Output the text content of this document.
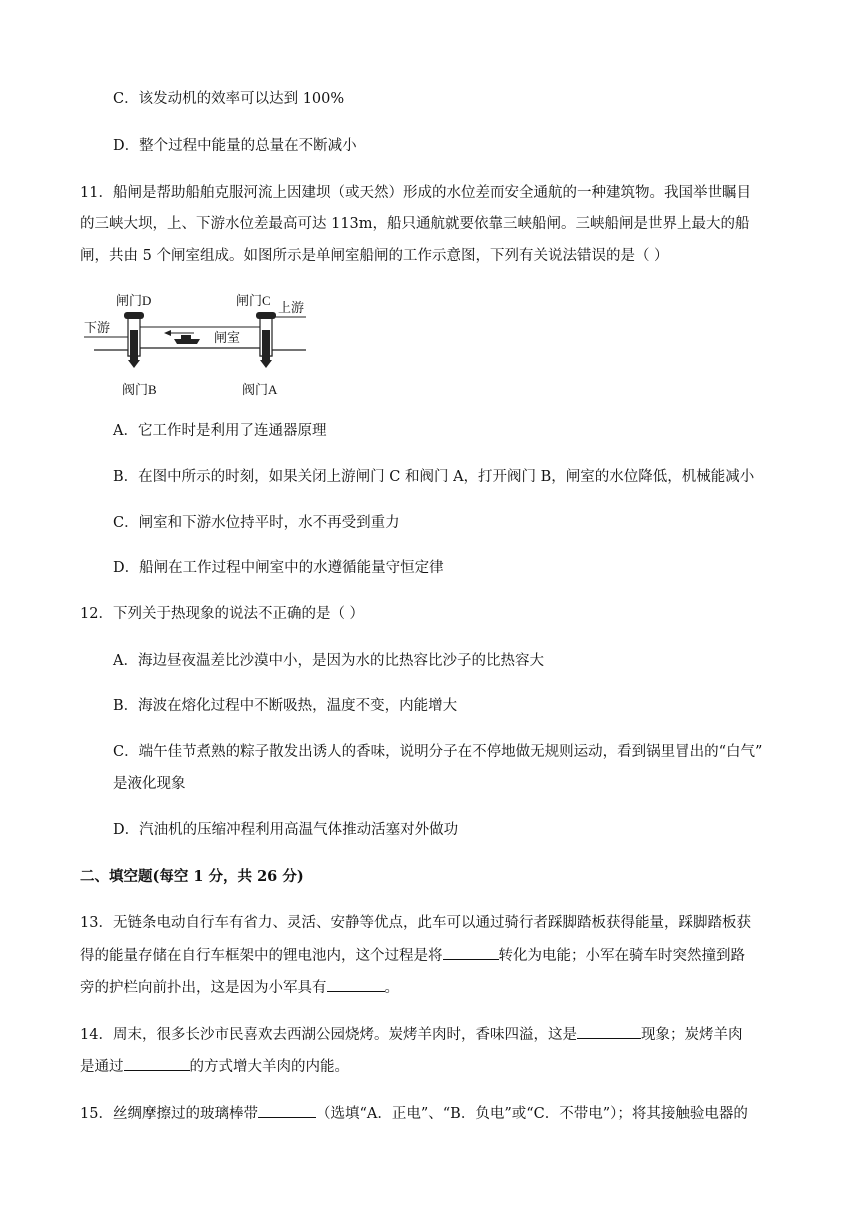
C．该发动机的效率可以达到 100%
D．整个过程中能量的总量在不断减小
11．船闸是帮助船舶克服河流上因建坝（或天然）形成的水位差而安全通航的一种建筑物。我国举世瞩目
的三峡大坝，上、下游水位差最高可达 113m，船只通航就要依靠三峡船闸。三峡船闸是世界上最大的船
闸，共由 5 个闸室组成。如图所示是单闸室船闸的工作示意图，下列有关说法错误的是（ ）
闸门D	闸门C
下游
上游
闸室
阀门B	阀门A
A．它工作时是利用了连通器原理
B．在图中所示的时刻，如果关闭上游闸门 C 和阀门 A，打开阀门 B，闸室的水位降低，机械能减小
C．闸室和下游水位持平时，水不再受到重力
D．船闸在工作过程中闸室中的水遵循能量守恒定律
12．下列关于热现象的说法不正确的是（ ）
A．海边昼夜温差比沙漠中小，是因为水的比热容比沙子的比热容大
B．海波在熔化过程中不断吸热，温度不变，内能增大
C．端午佳节煮熟的粽子散发出诱人的香味，说明分子在不停地做无规则运动，看到锅里冒出的“白气”
是液化现象
D．汽油机的压缩冲程利用高温气体推动活塞对外做功
二、填空题(每空 1 分，共 26 分)
13．无链条电动自行车有省力、灵活、安静等优点，此车可以通过骑行者踩脚踏板获得能量，踩脚踏板获
得的能量存储在自行车框架中的锂电池内，这个过程是将	转化为电能；小军在骑车时突然撞到路
旁的护栏向前扑出，这是因为小军具有	。
14．周末，很多长沙市民喜欢去西湖公园烧烤。炭烤羊肉时，香味四溢，这是	现象；炭烤羊肉
是通过	的方式增大羊肉的内能。
15．丝绸摩擦过的玻璃棒带	（选填“A．正电”、“B．负电”或“C．不带电”）；将其接触验电器的
